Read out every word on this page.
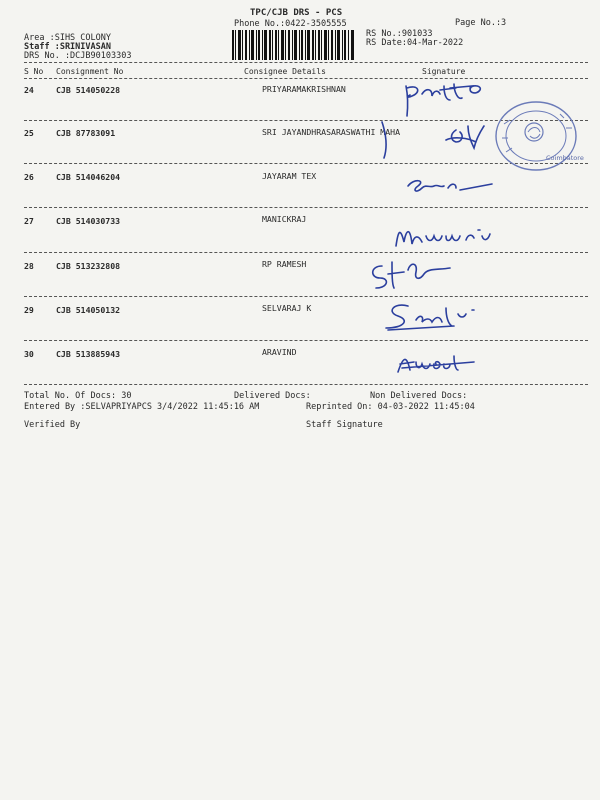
TPC/CJB DRS - PCS
Phone No.:0422-3505555	Page No.:3
RS No.:901033
RS Date:04-Mar-2022
Area :SIHS COLONY
Staff :SRINIVASAN
DRS No. :DCJB90103303
S No Consignment No	Consignee Details	Signature
24	CJB 514050228	PRIYARAMAKRISHNAN
25	CJB 87783091	SRI JAYANDHRASARASWATHI MAHA
26	CJB 514046204	JAYARAM TEX
27	CJB 514030733	MANICKRAJ
28	CJB 513232808	RP RAMESH
29	CJB 514050132	SELVARAJ K
30	CJB 513885943	ARAVIND
Coimbatore
Total No. Of Docs: 30	Delivered Docs:	Non Delivered Docs:
Entered By :SELVAPRIYAPCS 3/4/2022 11:45:16 AM	Reprinted On: 04-03-2022 11:45:04
Verified By	Staff Signature
